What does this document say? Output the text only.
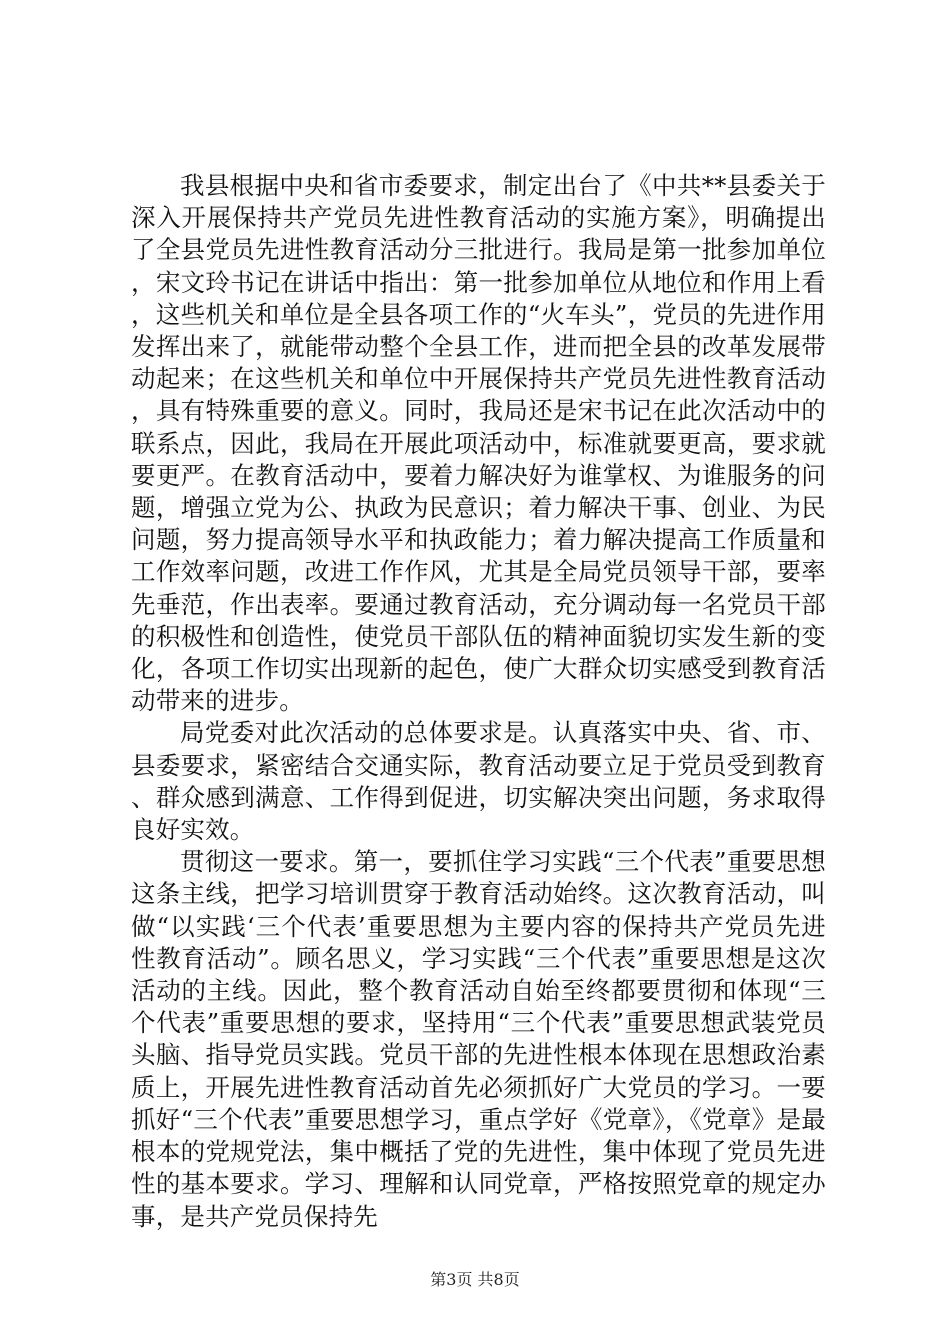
我县根据中央和省市委要求，制定出台了《中共**县委关于深入开展保持共产党员先进性教育活动的实施方案》，明确提出了全县党员先进性教育活动分三批进行。我局是第一批参加单位，宋文玲书记在讲话中指出：第一批参加单位从地位和作用上看，这些机关和单位是全县各项工作的“火车头”，党员的先进作用发挥出来了，就能带动整个全县工作，进而把全县的改革发展带动起来；在这些机关和单位中开展保持共产党员先进性教育活动，具有特殊重要的意义。同时，我局还是宋书记在此次活动中的联系点，因此，我局在开展此项活动中，标准就要更高，要求就要更严。在教育活动中，要着力解决好为谁掌权、为谁服务的问题，增强立党为公、执政为民意识；着力解决干事、创业、为民问题，努力提高领导水平和执政能力；着力解决提高工作质量和工作效率问题，改进工作作风，尤其是全局党员领导干部，要率先垂范，作出表率。要通过教育活动，充分调动每一名党员干部的积极性和创造性，使党员干部队伍的精神面貌切实发生新的变化，各项工作切实出现新的起色，使广大群众切实感受到教育活动带来的进步。

局党委对此次活动的总体要求是。认真落实中央、省、市、县委要求，紧密结合交通实际，教育活动要立足于党员受到教育、群众感到满意、工作得到促进，切实解决突出问题，务求取得良好实效。

贯彻这一要求。第一，要抓住学习实践“三个代表”重要思想这条主线，把学习培训贯穿于教育活动始终。这次教育活动，叫做“以实践‘三个代表’重要思想为主要内容的保持共产党员先进性教育活动”。顾名思义，学习实践“三个代表”重要思想是这次活动的主线。因此，整个教育活动自始至终都要贯彻和体现“三个代表”重要思想的要求，坚持用“三个代表”重要思想武装党员头脑、指导党员实践。党员干部的先进性根本体现在思想政治素质上，开展先进性教育活动首先必须抓好广大党员的学习。一要抓好“三个代表”重要思想学习，重点学好《党章》，《党章》是最根本的党规党法，集中概括了党的先进性，集中体现了党员先进性的基本要求。学习、理解和认同党章，严格按照党章的规定办事，是共产党员保持先

第3页 共8页
